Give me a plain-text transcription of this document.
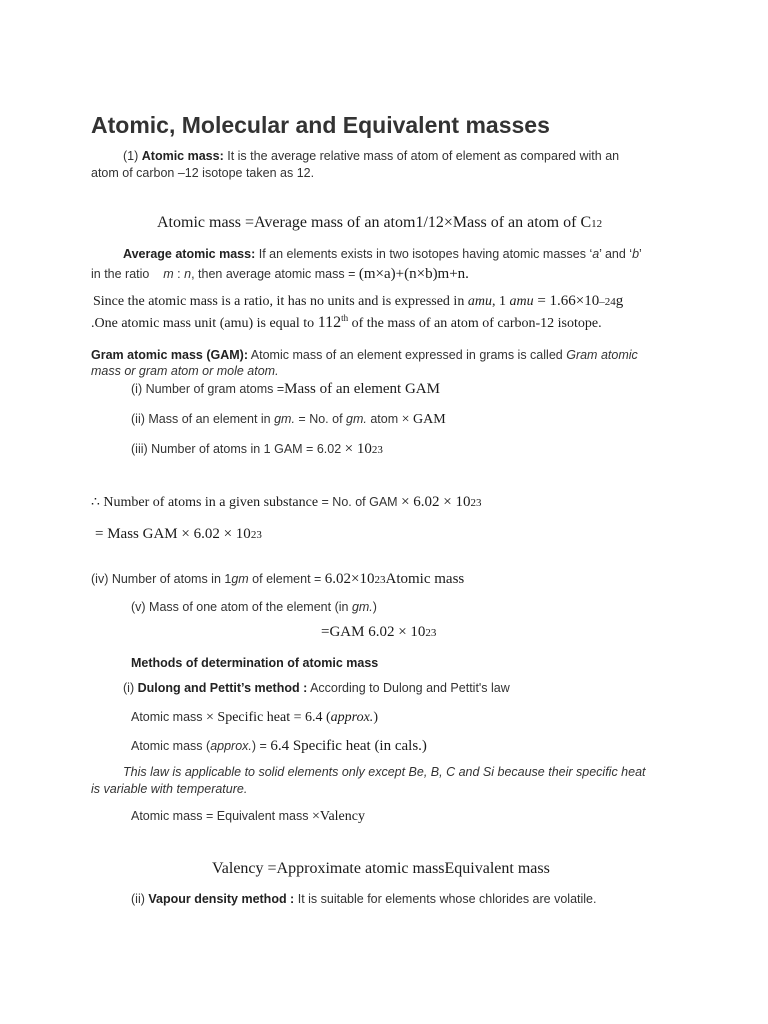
Atomic, Molecular and Equivalent masses
(1) Atomic mass: It is the average relative mass of atom of element as compared with an
atom of carbon –12 isotope taken as 12.
Atomic mass =Average mass of an atom1/12×Mass of an atom of C12
Average atomic mass: If an elements exists in two isotopes having atomic masses ‘a’ and ‘b’
in the ratio m : n, then average atomic mass = (m×a)+(n×b)m+n.
Since the atomic mass is a ratio, it has no units and is expressed in amu, 1 amu = 1.66×10–24g
.One atomic mass unit (amu) is equal to 112th of the mass of an atom of carbon-12 isotope.
Gram atomic mass (GAM): Atomic mass of an element expressed in grams is called Gram atomic
mass or gram atom or mole atom.
(i) Number of gram atoms =Mass of an element GAM
(ii) Mass of an element in gm. = No. of gm. atom × GAM
(iii) Number of atoms in 1 GAM = 6.02 × 1023
∴ Number of atoms in a given substance = No. of GAM × 6.02 × 1023
= Mass GAM × 6.02 × 1023
(iv) Number of atoms in 1gm of element = 6.02×1023Atomic mass
(v) Mass of one atom of the element (in gm.)
=GAM 6.02 × 1023
Methods of determination of atomic mass
(i) Dulong and Pettit’s method : According to Dulong and Pettit's law
Atomic mass × Specific heat = 6.4 (approx.)
Atomic mass (approx.) = 6.4 Specific heat (in cals.)
This law is applicable to solid elements only except Be, B, C and Si because their specific heat
is variable with temperature.
Atomic mass = Equivalent mass ×Valency
Valency =Approximate atomic massEquivalent mass
(ii) Vapour density method : It is suitable for elements whose chlorides are volatile.
